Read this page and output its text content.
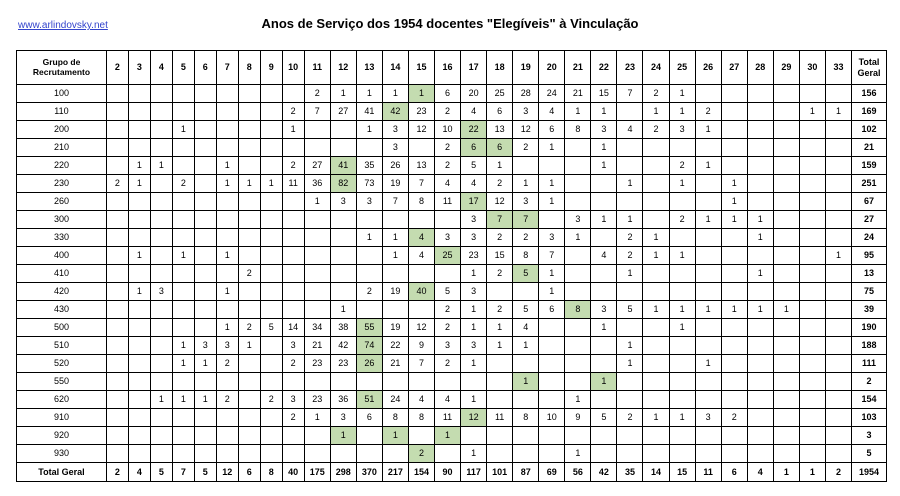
www.arlindovsky.net	Anos de Serviço dos 1954 docentes "Elegíveis" à Vinculação
Grupo de Recrutamento	2	3	4	5	6	7	8	9	10	11	12	13	14	15	16	17	18	19	20	21	22	23	24	25	26	27	28	29	30	33	Total Geral
100										2	1	1	1	1	6	20	25	28	24	21	15	7	2	1							156
110									2	7	27	41	42	23	2	4	6	3	4	1	1		1	1	2				1	1	169
200				1					1			1	3	12	10	22	13	12	6	8	3	4	2	3	1						102
210													3		2	6	6	2	1		1										21
220		1	1			1			2	27	41	35	26	13	2	5	1				1			2	1						159
230	2	1		2		1	1	1	11	36	82	73	19	7	4	4	2	1	1			1		1		1					251
260										1	3	3	7	8	11	17	12	3	1							1					67
300																3	7	7		3	1	1		2	1	1	1				27
330												1	1	4	3	3	2	2	3	1		2	1				1				24
400		1		1		1							1	4	25	23	15	8	7		4	2	1	1						1	95
410							2									1	2	5	1			1					1				13
420		1	3			1						2	19	40	5	3			1												75
430											1				2	1	2	5	6	8	3	5	1	1	1	1	1	1			39
500						1	2	5	14	34	38	55	19	12	2	1	1	4			1			1							190
510				1	3	3	1		3	21	42	74	22	9	3	3	1	1				1									188
520				1	1	2			2	23	23	26	21	7	2	1						1			1						111
550																		1			1										2
620			1	1	1	2		2	3	23	36	51	24	4	4	1				1											154
910									2	1	3	6	8	8	11	12	11	8	10	9	5	2	1	1	3	2					103
920											1		1		1																3
930														2		1				1											5
Total Geral	2	4	5	7	5	12	6	8	40	175	298	370	217	154	90	117	101	87	69	56	42	35	14	15	11	6	4	1	1	2	1954
